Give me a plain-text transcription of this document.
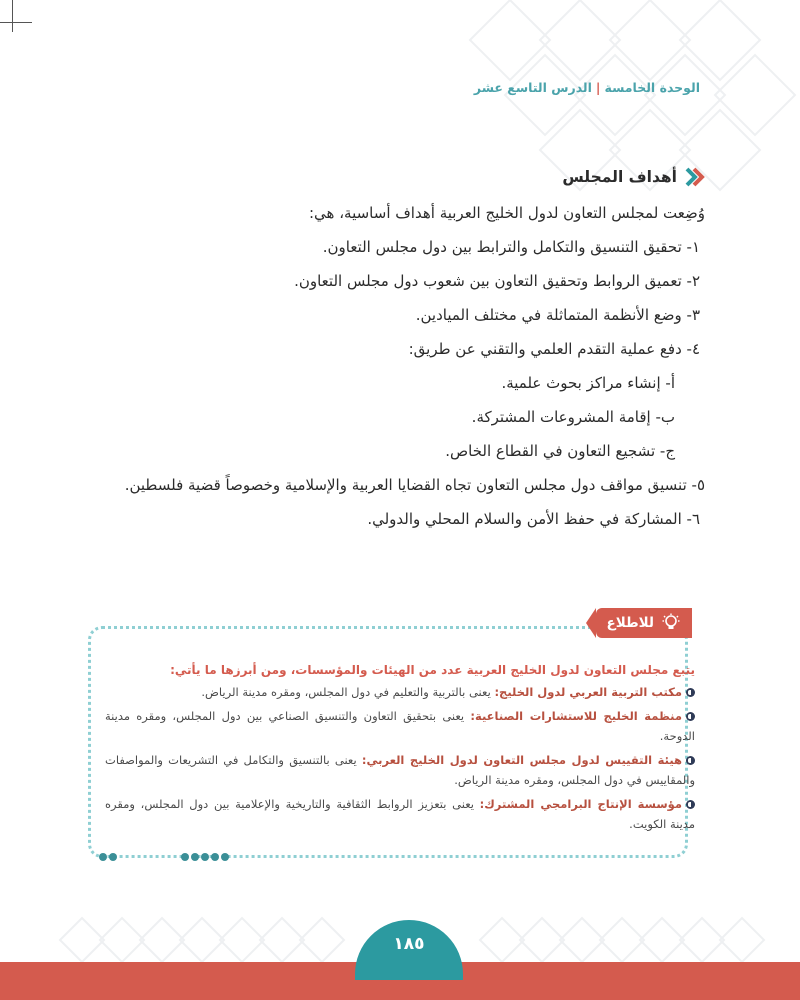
الوحدة الخامسة|الدرس التاسع عشر
أهداف المجلس

وُضِعت لمجلس التعاون لدول الخليج العربية أهداف أساسية، هي:

١- تحقيق التنسيق والتكامل والترابط بين دول مجلس التعاون.

٢- تعميق الروابط وتحقيق التعاون بين شعوب دول مجلس التعاون.

٣- وضع الأنظمة المتماثلة في مختلف الميادين.

٤- دفع عملية التقدم العلمي والتقني عن طريق:

أ- إنشاء مراكز بحوث علمية.

ب- إقامة المشروعات المشتركة.

ج- تشجيع التعاون في القطاع الخاص.

٥- تنسيق مواقف دول مجلس التعاون تجاه القضايا العربية والإسلامية وخصوصاً قضية فلسطين.

٦- المشاركة في حفظ الأمن والسلام المحلي والدولي.

للاطلاع

يتبع مجلس التعاون لدول الخليج العربية عدد من الهيئات والمؤسسات، ومن أبرزها ما يأتي:

مكتب التربية العربي لدول الخليج: يعنى بالتربية والتعليم في دول المجلس، ومقره مدينة الرياض.

منظمة الخليج للاستشارات الصناعية: يعنى بتحقيق التعاون والتنسيق الصناعي بين دول المجلس، ومقره مدينة الدوحة.

هيئة التقييس لدول مجلس التعاون لدول الخليج العربي: يعنى بالتنسيق والتكامل في التشريعات والمواصفات والمقاييس في دول المجلس، ومقره مدينة الرياض.

مؤسسة الإنتاج البرامجي المشترك: يعنى بتعزيز الروابط الثقافية والتاريخية والإعلامية بين دول المجلس، ومقره مدينة الكويت.

١٨٥
